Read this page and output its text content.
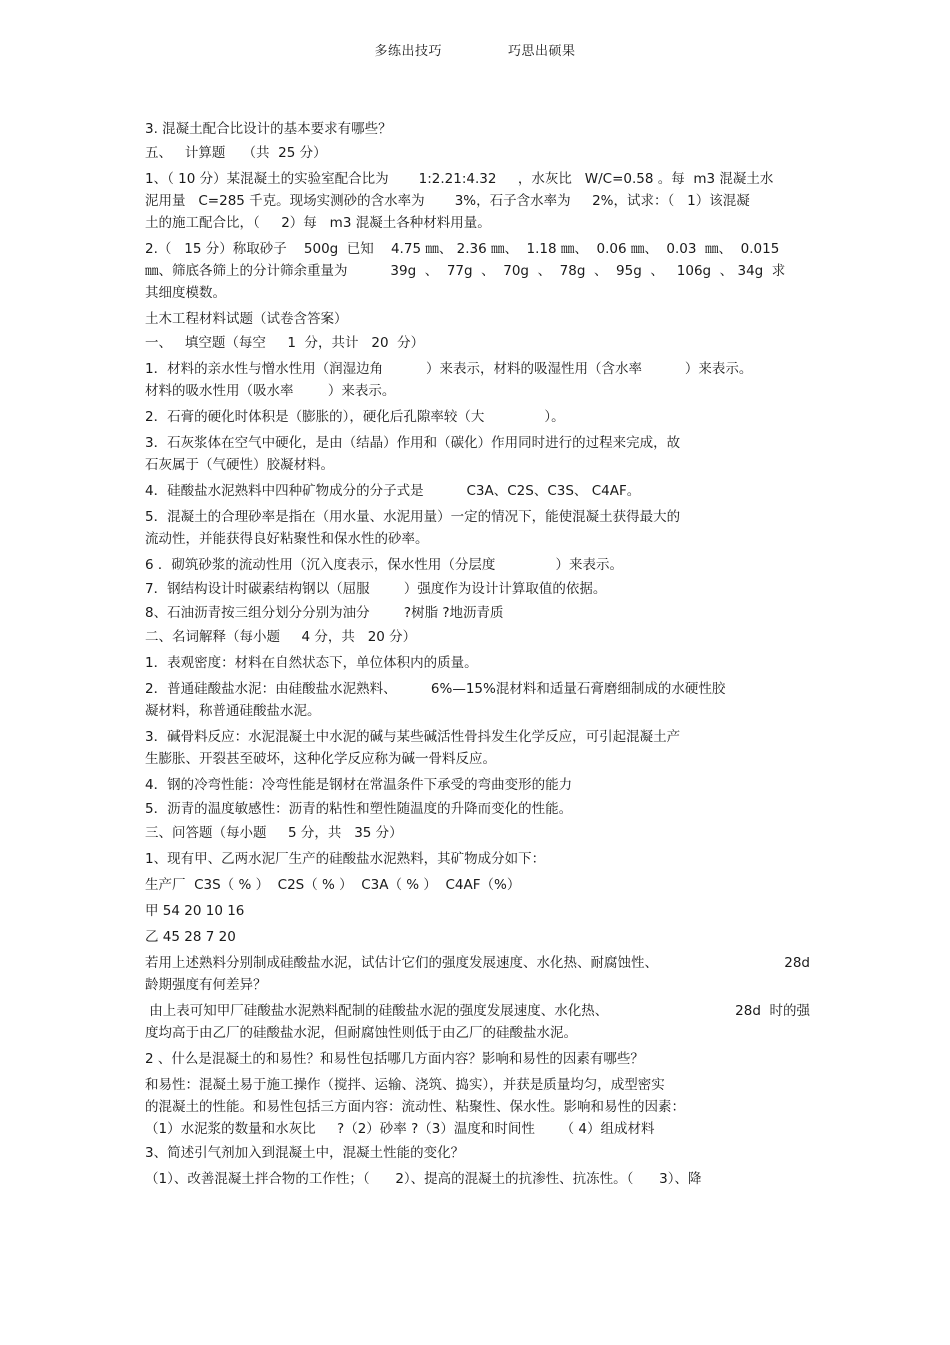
多练出技巧	巧思出硕果

3. 混凝土配合比设计的基本要求有哪些？

五、   计算题    （共  25 分）

1、（ 10 分）某混凝土的实验室配合比为       1:2.21:4.32     ，水灰比   W/C=0.58 。每  m3 混凝土水

泥用量   C=285 千克。现场实测砂的含水率为       3%，石子含水率为     2%，试求：（   1）该混凝

土的施工配合比，（     2）每   m3 混凝土各种材料用量。

2.（   15 分）称取砂子    500g  已知    4.75 ㎜、 2.36 ㎜、  1.18 ㎜、  0.06 ㎜、  0.03  ㎜、  0.015

㎜、筛底各筛上的分计筛余重量为          39g  、  77g  、  70g  、  78g  、  95g  、   106g  、 34g  求

其细度模数。

土木工程材料试题（试卷含答案）

一、   填空题（每空     1  分，共计   20  分）

1．材料的亲水性与憎水性用（润湿边角          ）来表示，材料的吸湿性用（含水率          ）来表示。

材料的吸水性用（吸水率        ）来表示。

2．石膏的硬化时体积是（膨胀的），硬化后孔隙率较（大              ）。

3．石灰浆体在空气中硬化，是由（结晶）作用和（碳化）作用同时进行的过程来完成，故

石灰属于（气硬性）胶凝材料。

4．硅酸盐水泥熟料中四种矿物成分的分子式是          C3A、C2S、C3S、 C4AF。

5．混凝土的合理砂率是指在（用水量、水泥用量）一定的情况下，能使混凝土获得最大的

流动性，并能获得良好粘聚性和保水性的砂率。

6 ．砌筑砂浆的流动性用（沉入度表示，保水性用（分层度              ）来表示。

7．钢结构设计时碳素结构钢以（屈服        ）强度作为设计计算取值的依据。

8、石油沥青按三组分划分分别为油分        ?树脂 ?地沥青质

二、名词解释（每小题     4 分，共   20 分）

1．表观密度：材料在自然状态下，单位体积内的质量。

2．普通硅酸盐水泥：由硅酸盐水泥熟料、        6%—15%混材料和适量石膏磨细制成的水硬性胶

凝材料，称普通硅酸盐水泥。

3．碱骨料反应：水泥混凝土中水泥的碱与某些碱活性骨抖发生化学反应，可引起混凝土产

生膨胀、开裂甚至破坏，这种化学反应称为碱一骨料反应。

4．钢的冷弯性能：冷弯性能是钢材在常温条件下承受的弯曲变形的能力

5．沥青的温度敏感性：沥青的粘性和塑性随温度的升降而变化的性能。

三、问答题（每小题     5 分，共   35 分）

1、现有甲、乙两水泥厂生产的硅酸盐水泥熟料，其矿物成分如下：

生产厂  C3S（ % ）  C2S（ % ）  C3A（ % ）  C4AF（%）

甲 54 20 10 16

乙 45 28 7 20

若用上述熟料分别制成硅酸盐水泥，试估计它们的强度发展速度、水化热、耐腐蚀性、	28d

龄期强度有何差异？

由上表可知甲厂硅酸盐水泥熟料配制的硅酸盐水泥的强度发展速度、水化热、	28d  时的强

度均高于由乙厂的硅酸盐水泥，但耐腐蚀性则低于由乙厂的硅酸盐水泥。

2 、什么是混凝土的和易性？和易性包括哪几方面内容？影响和易性的因素有哪些？

和易性：混凝土易于施工操作（搅拌、运输、浇筑、捣实），并获是质量均匀，成型密实

的混凝土的性能。和易性包括三方面内容：流动性、粘聚性、保水性。影响和易性的因素：

（1）水泥浆的数量和水灰比     ?（2）砂率 ?（3）温度和时间性      （ 4）组成材料

3、简述引气剂加入到混凝土中，混凝土性能的变化？

（1）、改善混凝土拌合物的工作性；（      2）、提高的混凝土的抗渗性、抗冻性。（      3）、降
